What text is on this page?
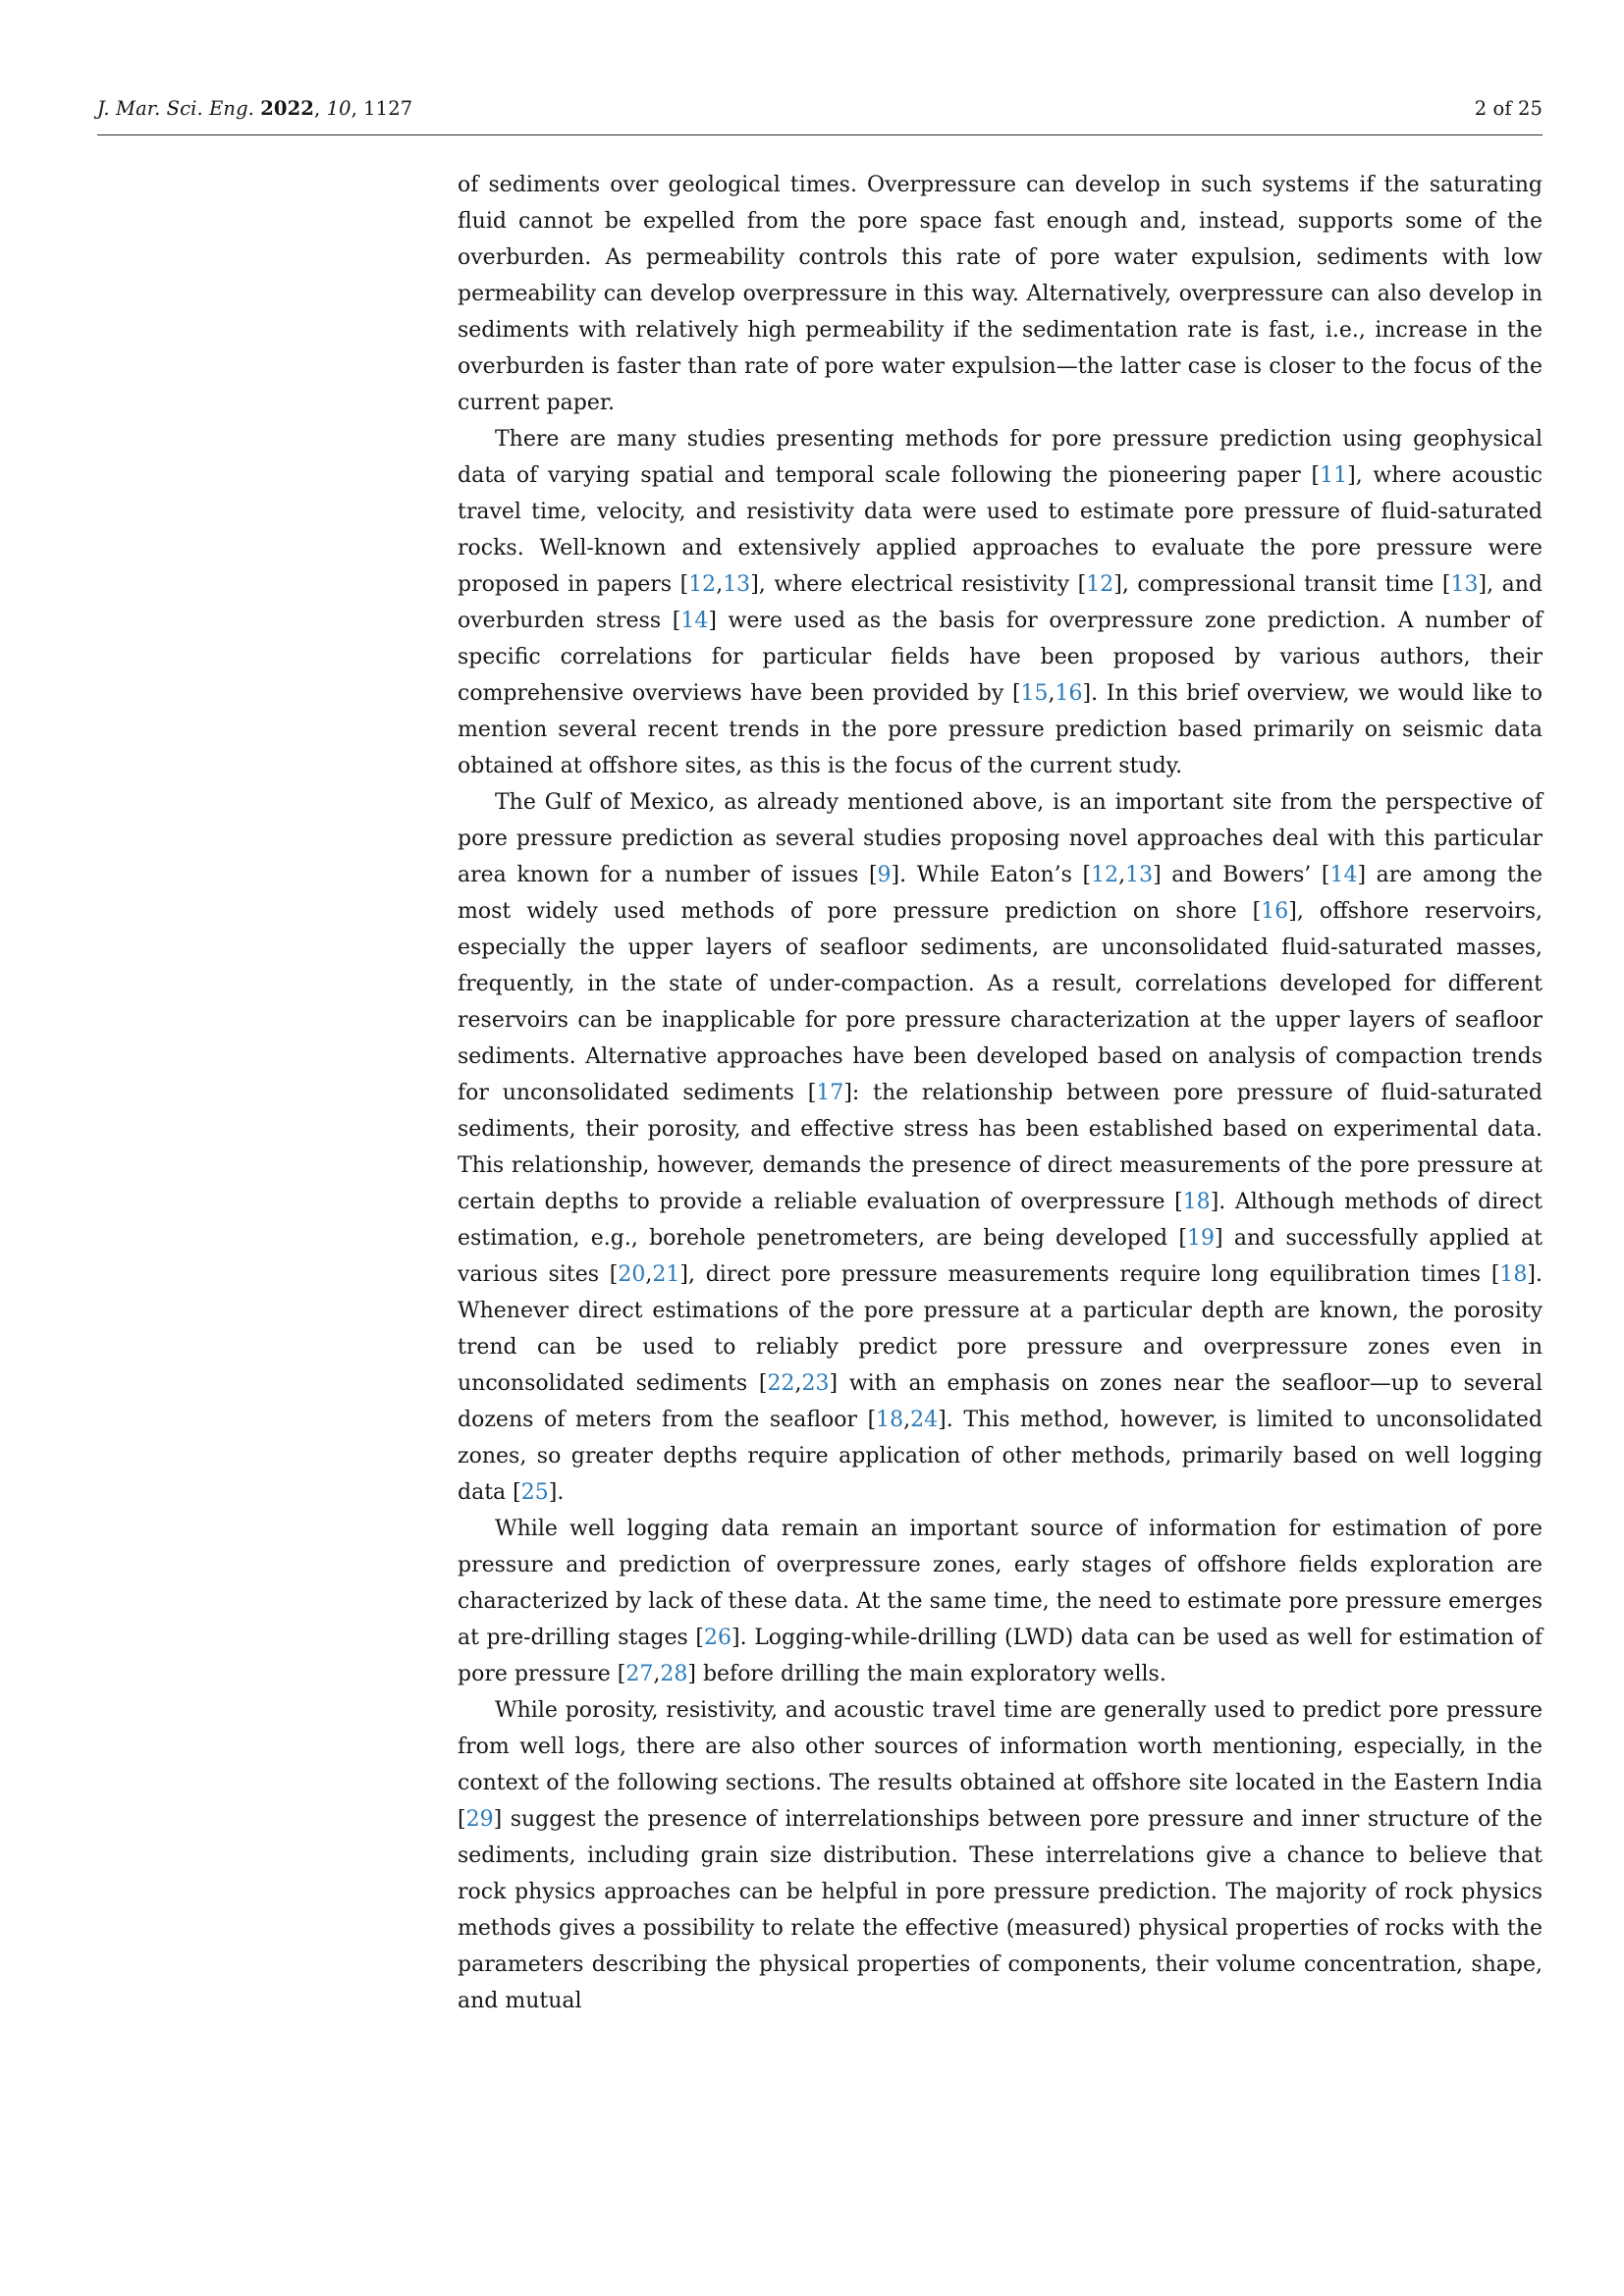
J. Mar. Sci. Eng. 2022, 10, 1127	2 of 25

of sediments over geological times. Overpressure can develop in such systems if the saturating fluid cannot be expelled from the pore space fast enough and, instead, supports some of the overburden. As permeability controls this rate of pore water expulsion, sediments with low permeability can develop overpressure in this way. Alternatively, overpressure can also develop in sediments with relatively high permeability if the sedimentation rate is fast, i.e., increase in the overburden is faster than rate of pore water expulsion—the latter case is closer to the focus of the current paper.

There are many studies presenting methods for pore pressure prediction using geophysical data of varying spatial and temporal scale following the pioneering paper [11], where acoustic travel time, velocity, and resistivity data were used to estimate pore pressure of fluid-saturated rocks. Well-known and extensively applied approaches to evaluate the pore pressure were proposed in papers [12,13], where electrical resistivity [12], compressional transit time [13], and overburden stress [14] were used as the basis for overpressure zone prediction. A number of specific correlations for particular fields have been proposed by various authors, their comprehensive overviews have been provided by [15,16]. In this brief overview, we would like to mention several recent trends in the pore pressure prediction based primarily on seismic data obtained at offshore sites, as this is the focus of the current study.

The Gulf of Mexico, as already mentioned above, is an important site from the perspective of pore pressure prediction as several studies proposing novel approaches deal with this particular area known for a number of issues [9]. While Eaton’s [12,13] and Bowers’ [14] are among the most widely used methods of pore pressure prediction on shore [16], offshore reservoirs, especially the upper layers of seafloor sediments, are unconsolidated fluid-saturated masses, frequently, in the state of under-compaction. As a result, correlations developed for different reservoirs can be inapplicable for pore pressure characterization at the upper layers of seafloor sediments. Alternative approaches have been developed based on analysis of compaction trends for unconsolidated sediments [17]: the relationship between pore pressure of fluid-saturated sediments, their porosity, and effective stress has been established based on experimental data. This relationship, however, demands the presence of direct measurements of the pore pressure at certain depths to provide a reliable evaluation of overpressure [18]. Although methods of direct estimation, e.g., borehole penetrometers, are being developed [19] and successfully applied at various sites [20,21], direct pore pressure measurements require long equilibration times [18]. Whenever direct estimations of the pore pressure at a particular depth are known, the porosity trend can be used to reliably predict pore pressure and overpressure zones even in unconsolidated sediments [22,23] with an emphasis on zones near the seafloor—up to several dozens of meters from the seafloor [18,24]. This method, however, is limited to unconsolidated zones, so greater depths require application of other methods, primarily based on well logging data [25].

While well logging data remain an important source of information for estimation of pore pressure and prediction of overpressure zones, early stages of offshore fields exploration are characterized by lack of these data. At the same time, the need to estimate pore pressure emerges at pre-drilling stages [26]. Logging-while-drilling (LWD) data can be used as well for estimation of pore pressure [27,28] before drilling the main exploratory wells.

While porosity, resistivity, and acoustic travel time are generally used to predict pore pressure from well logs, there are also other sources of information worth mentioning, especially, in the context of the following sections. The results obtained at offshore site located in the Eastern India [29] suggest the presence of interrelationships between pore pressure and inner structure of the sediments, including grain size distribution. These interrelations give a chance to believe that rock physics approaches can be helpful in pore pressure prediction. The majority of rock physics methods gives a possibility to relate the effective (measured) physical properties of rocks with the parameters describing the physical properties of components, their volume concentration, shape, and mutual
